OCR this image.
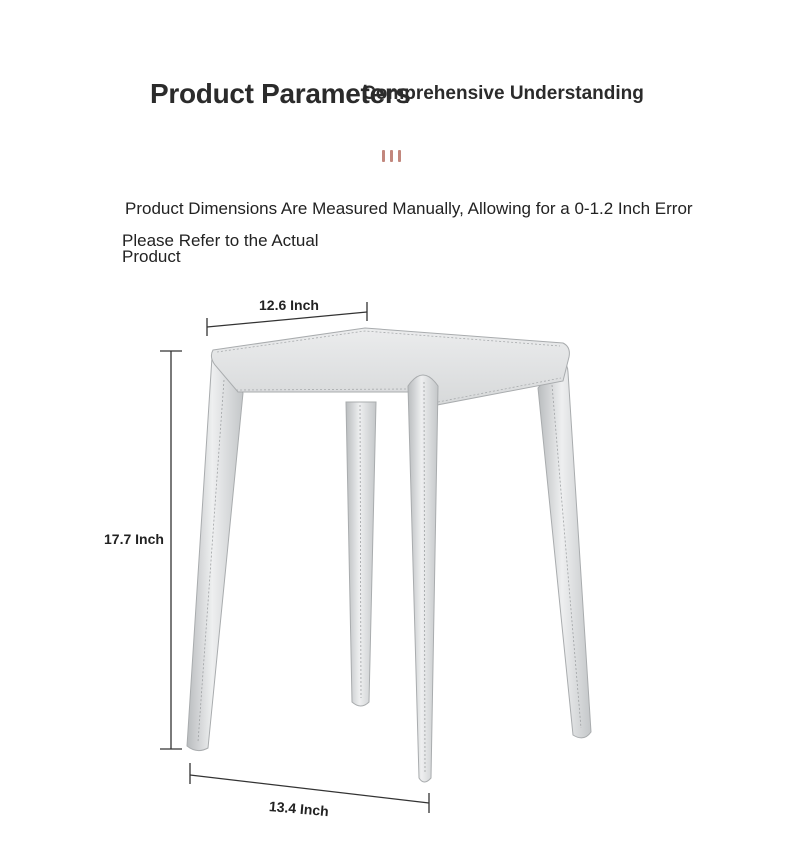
Product Parameters
Comprehensive Understanding
Product Dimensions Are Measured Manually, Allowing for a 0-1.2 Inch Error
Please Refer to the Actual Product
12.6 Inch
17.7 Inch
13.4 Inch
